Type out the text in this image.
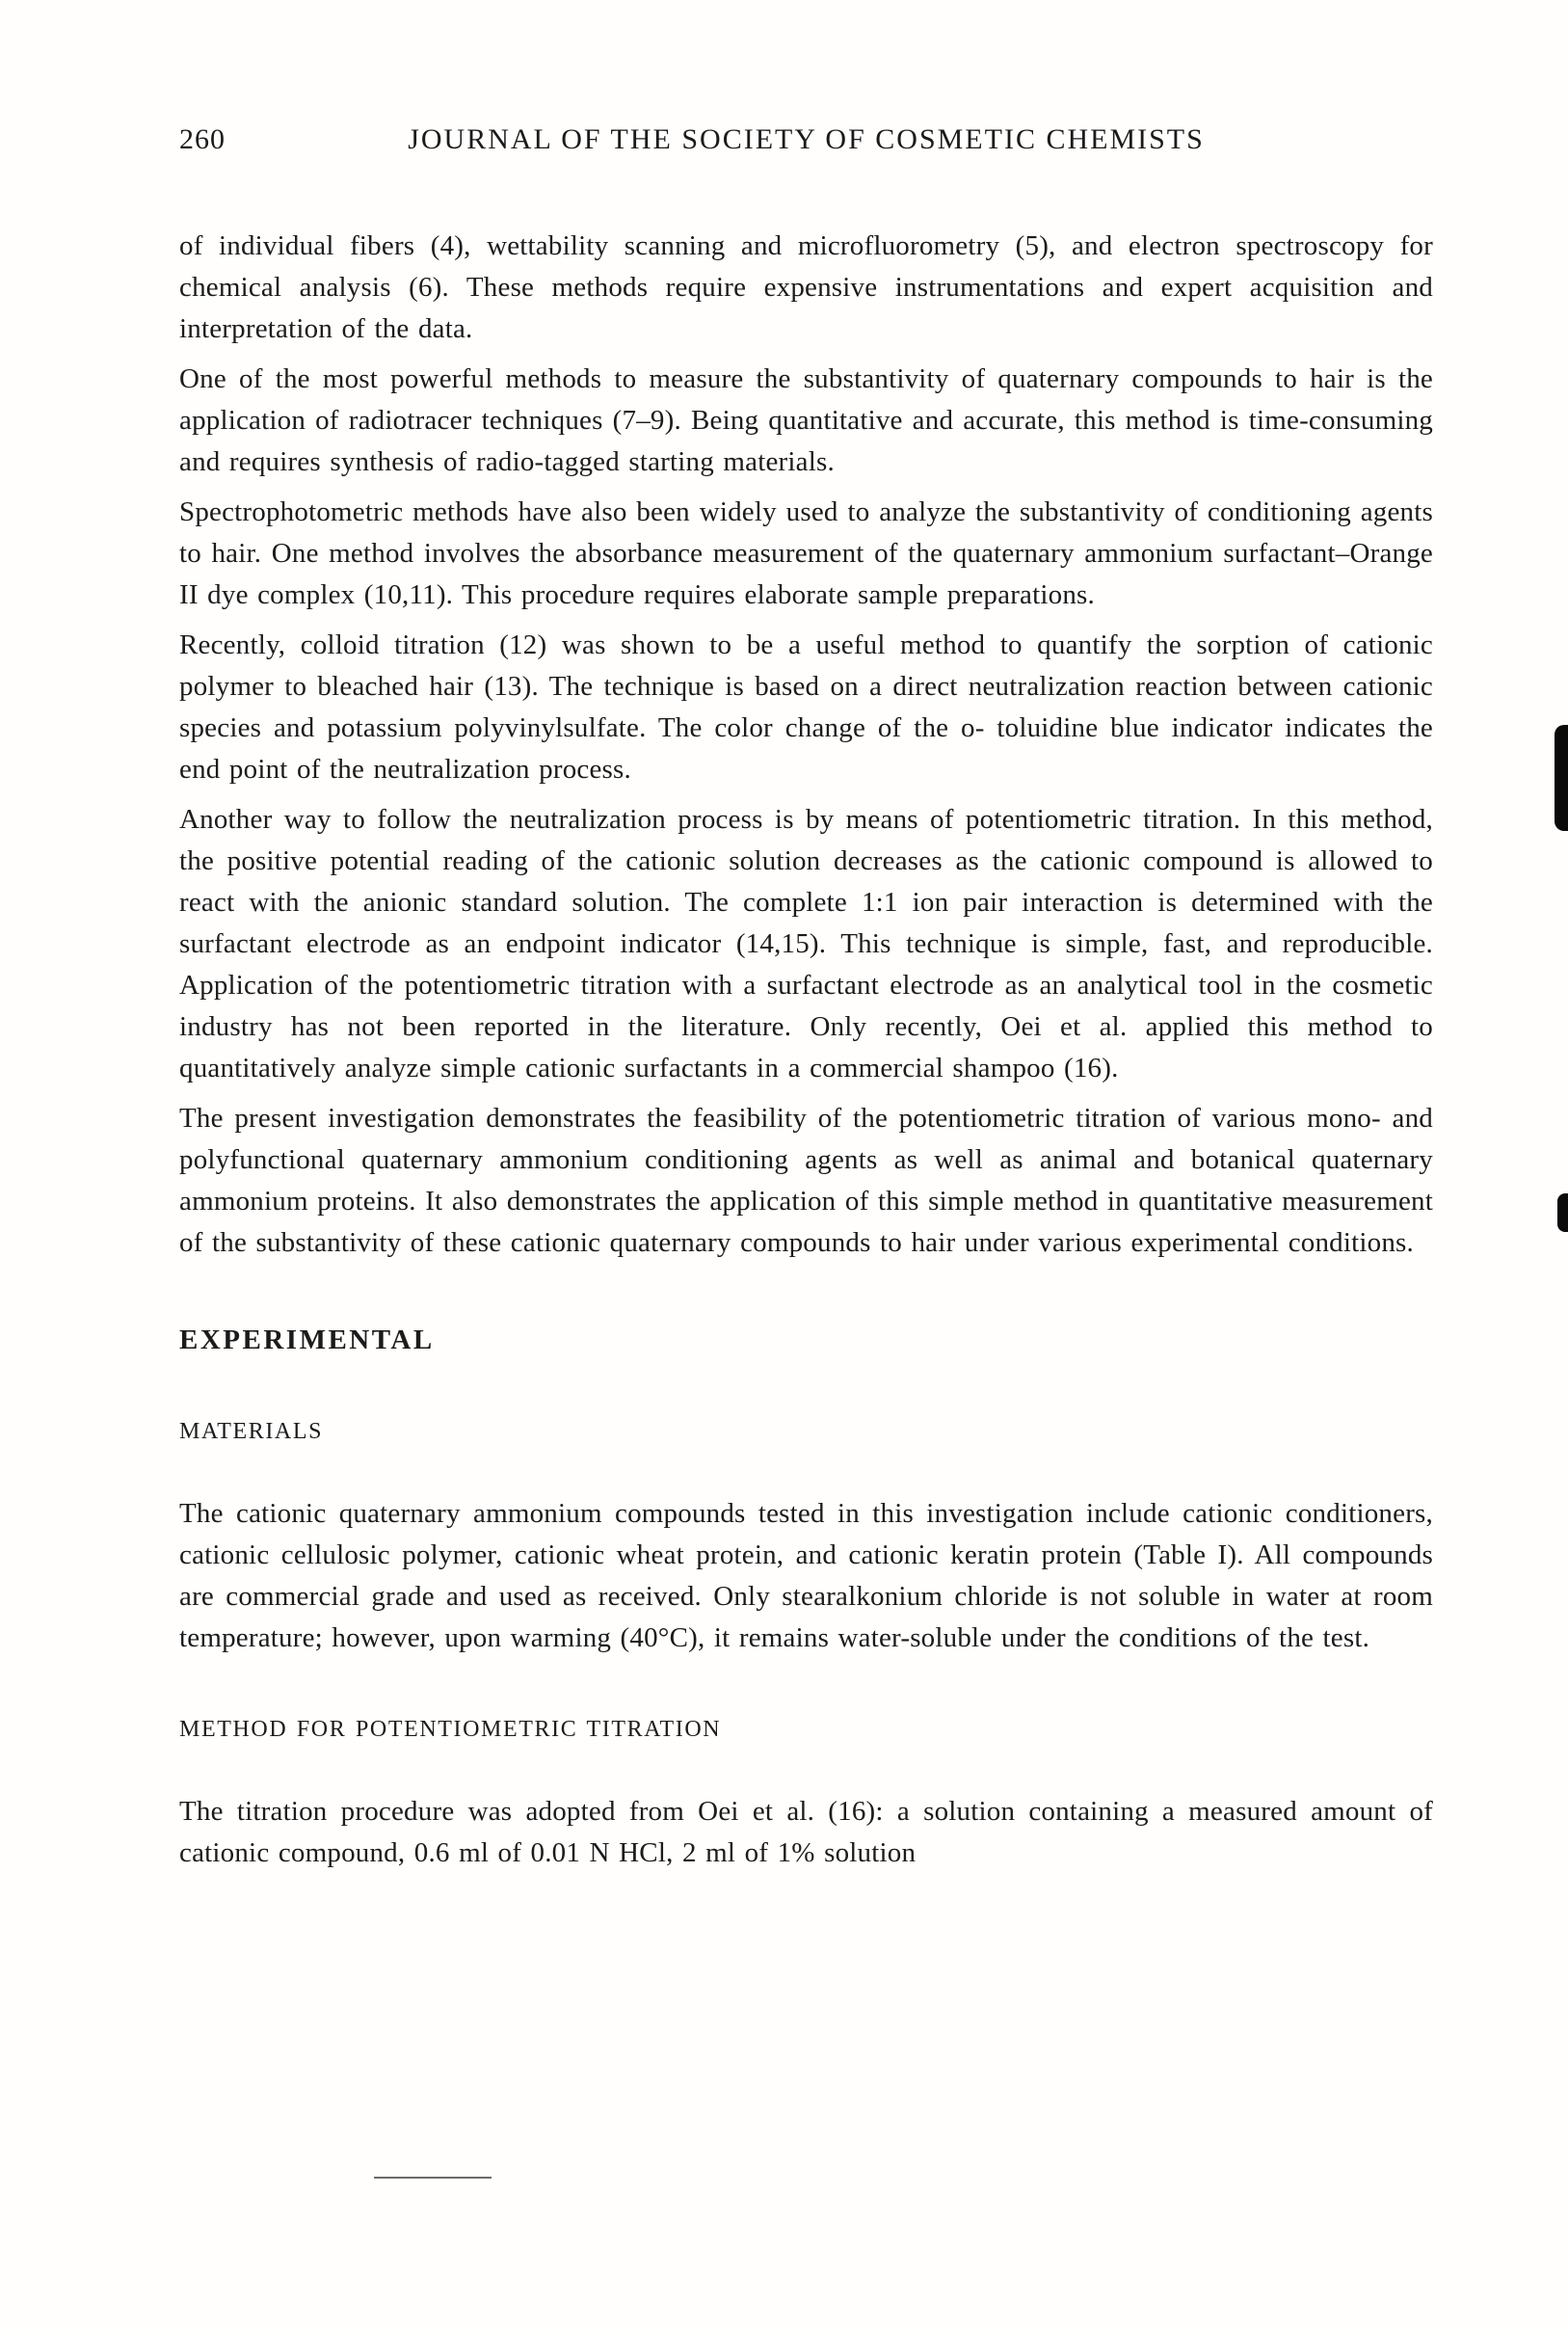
260	JOURNAL OF THE SOCIETY OF COSMETIC CHEMISTS

of individual fibers (4), wettability scanning and microfluorometry (5), and electron spectroscopy for chemical analysis (6). These methods require expensive instrumentations and expert acquisition and interpretation of the data.

One of the most powerful methods to measure the substantivity of quaternary compounds to hair is the application of radiotracer techniques (7–9). Being quantitative and accurate, this method is time-consuming and requires synthesis of radio-tagged starting materials.

Spectrophotometric methods have also been widely used to analyze the substantivity of conditioning agents to hair. One method involves the absorbance measurement of the quaternary ammonium surfactant–Orange II dye complex (10,11). This procedure requires elaborate sample preparations.

Recently, colloid titration (12) was shown to be a useful method to quantify the sorption of cationic polymer to bleached hair (13). The technique is based on a direct neutralization reaction between cationic species and potassium polyvinylsulfate. The color change of the o- toluidine blue indicator indicates the end point of the neutralization process.

Another way to follow the neutralization process is by means of potentiometric titration. In this method, the positive potential reading of the cationic solution decreases as the cationic compound is allowed to react with the anionic standard solution. The complete 1:1 ion pair interaction is determined with the surfactant electrode as an endpoint indicator (14,15). This technique is simple, fast, and reproducible. Application of the potentiometric titration with a surfactant electrode as an analytical tool in the cosmetic industry has not been reported in the literature. Only recently, Oei et al. applied this method to quantitatively analyze simple cationic surfactants in a commercial shampoo (16).

The present investigation demonstrates the feasibility of the potentiometric titration of various mono- and polyfunctional quaternary ammonium conditioning agents as well as animal and botanical quaternary ammonium proteins. It also demonstrates the application of this simple method in quantitative measurement of the substantivity of these cationic quaternary compounds to hair under various experimental conditions.

EXPERIMENTAL
MATERIALS

The cationic quaternary ammonium compounds tested in this investigation include cationic conditioners, cationic cellulosic polymer, cationic wheat protein, and cationic keratin protein (Table I). All compounds are commercial grade and used as received. Only stearalkonium chloride is not soluble in water at room temperature; however, upon warming (40°C), it remains water-soluble under the conditions of the test.

METHOD FOR POTENTIOMETRIC TITRATION

The titration procedure was adopted from Oei et al. (16): a solution containing a measured amount of cationic compound, 0.6 ml of 0.01 N HCl, 2 ml of 1% solution
